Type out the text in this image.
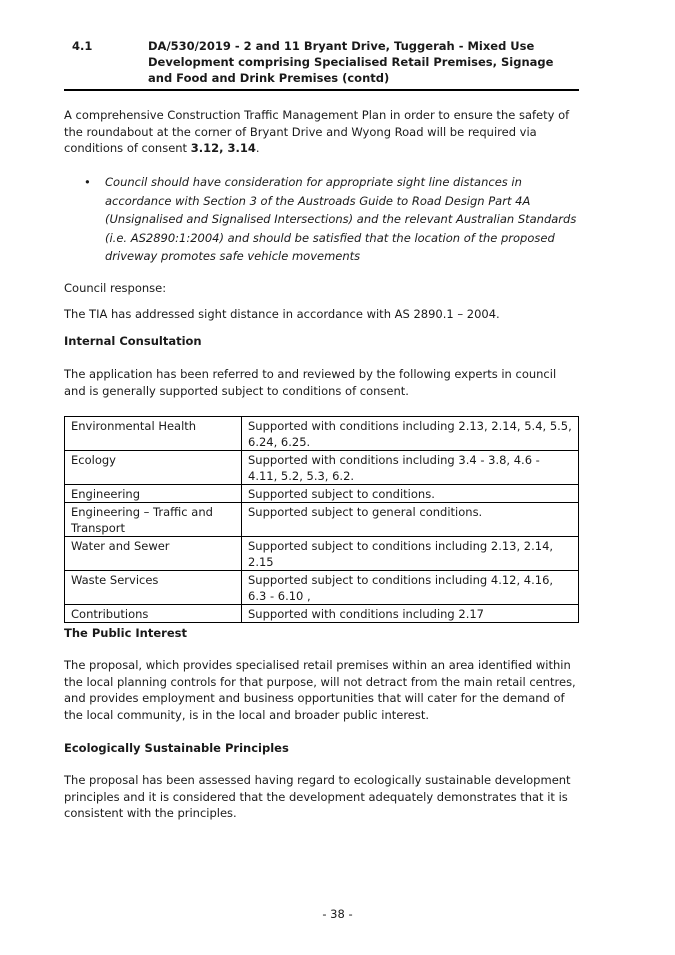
4.1	DA/530/2019 - 2 and 11 Bryant Drive, Tuggerah - Mixed Use Development comprising Specialised Retail Premises, Signage and Food and Drink Premises (contd)
A comprehensive Construction Traffic Management Plan in order to ensure the safety of the roundabout at the corner of Bryant Drive and Wyong Road will be required via conditions of consent 3.12, 3.14.
• Council should have consideration for appropriate sight line distances in accordance with Section 3 of the Austroads Guide to Road Design Part 4A (Unsignalised and Signalised Intersections) and the relevant Australian Standards (i.e. AS2890:1:2004) and should be satisfied that the location of the proposed driveway promotes safe vehicle movements
Council response:
The TIA has addressed sight distance in accordance with AS 2890.1 – 2004.
Internal Consultation
The application has been referred to and reviewed by the following experts in council and is generally supported subject to conditions of consent.
Environmental Health	Supported with conditions including 2.13, 2.14, 5.4, 5.5, 6.24, 6.25.
Ecology	Supported with conditions including 3.4 - 3.8, 4.6 - 4.11, 5.2, 5.3, 6.2.
Engineering	Supported subject to conditions.
Engineering – Traffic and Transport	Supported subject to general conditions.
Water and Sewer	Supported subject to conditions including 2.13, 2.14, 2.15
Waste Services	Supported subject to conditions including 4.12, 4.16, 6.3 - 6.10 ,
Contributions	Supported with conditions including 2.17
The Public Interest
The proposal, which provides specialised retail premises within an area identified within the local planning controls for that purpose, will not detract from the main retail centres, and provides employment and business opportunities that will cater for the demand of the local community, is in the local and broader public interest.
Ecologically Sustainable Principles
The proposal has been assessed having regard to ecologically sustainable development principles and it is considered that the development adequately demonstrates that it is consistent with the principles.
- 38 -
